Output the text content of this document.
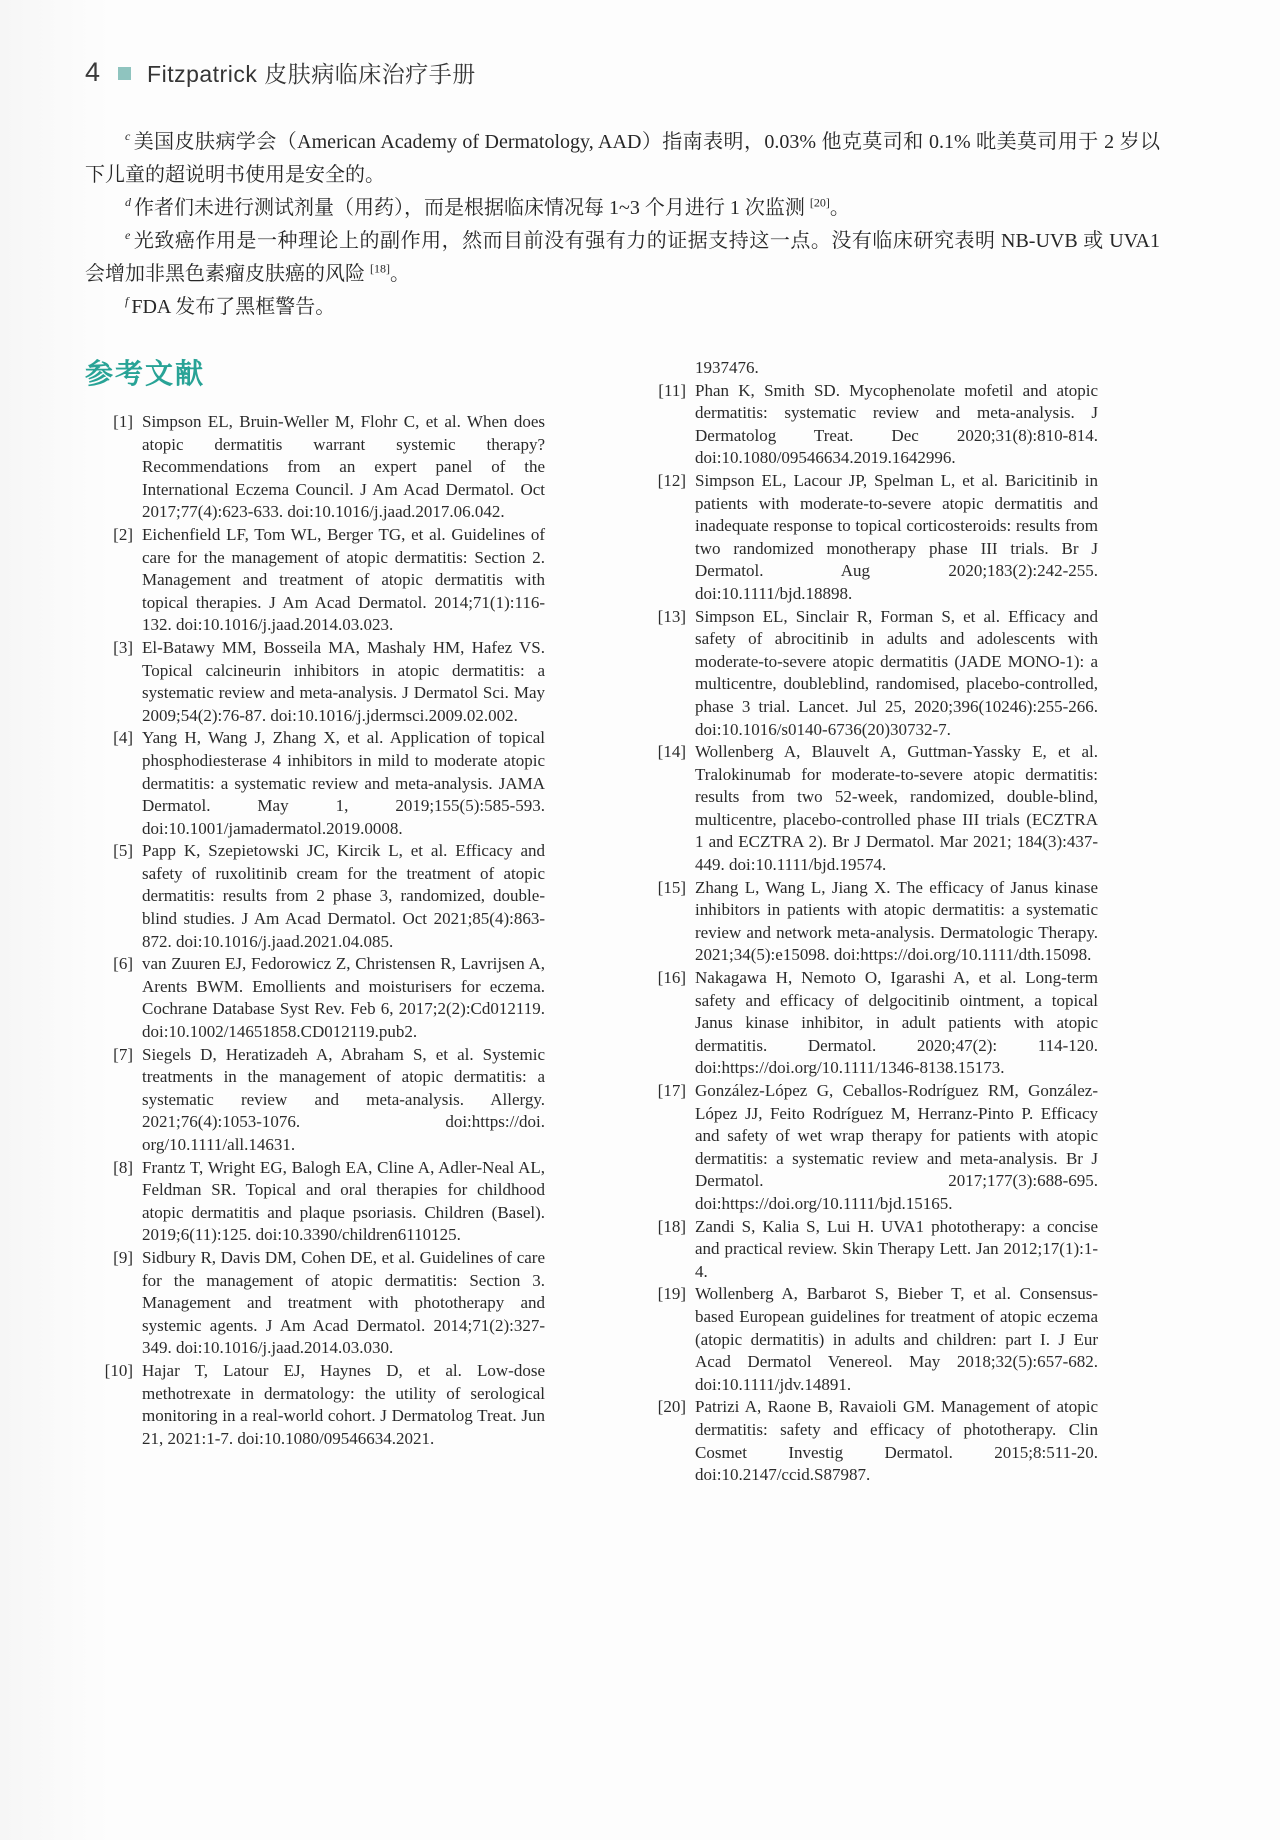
4 Fitzpatrick 皮肤病临床治疗手册

$^c$ 美国皮肤病学会（American Academy of Dermatology, AAD）指南表明，0.03% 他克莫司和 0.1% 吡美莫司用于 2 岁以下儿童的超说明书使用是安全的。

$^d$ 作者们未进行测试剂量（用药），而是根据临床情况每 1~3 个月进行 1 次监测 [20]。

$^e$ 光致癌作用是一种理论上的副作用，然而目前没有强有力的证据支持这一点。没有临床研究表明 NB-UVB 或 UVA1 会增加非黑色素瘤皮肤癌的风险 [18]。

$^f$ FDA 发布了黑框警告。

参考文献
[1] Simpson EL, Bruin-Weller M, Flohr C, et al. When does atopic dermatitis warrant systemic therapy? Recommendations from an expert panel of the International Eczema Council. J Am Acad Dermatol. Oct 2017;77(4):623-633. doi:10.1016/j.jaad.2017.06.042.
[2] Eichenfield LF, Tom WL, Berger TG, et al. Guidelines of care for the management of atopic dermatitis: Section 2. Management and treatment of atopic dermatitis with topical therapies. J Am Acad Dermatol. 2014;71(1):116-132. doi:10.1016/j.jaad.2014.03.023.
[3] El-Batawy MM, Bosseila MA, Mashaly HM, Hafez VS. Topical calcineurin inhibitors in atopic dermatitis: a systematic review and meta-analysis. J Dermatol Sci. May 2009;54(2):76-87. doi:10.1016/j.jdermsci.2009.02.002.
[4] Yang H, Wang J, Zhang X, et al. Application of topical phosphodiesterase 4 inhibitors in mild to moderate atopic dermatitis: a systematic review and meta-analysis. JAMA Dermatol. May 1, 2019;155(5):585-593. doi:10.1001/jamadermatol.2019.0008.
[5] Papp K, Szepietowski JC, Kircik L, et al. Efficacy and safety of ruxolitinib cream for the treatment of atopic dermatitis: results from 2 phase 3, randomized, double-blind studies. J Am Acad Dermatol. Oct 2021;85(4):863-872. doi:10.1016/j.jaad.2021.04.085.
[6] van Zuuren EJ, Fedorowicz Z, Christensen R, Lavrijsen A, Arents BWM. Emollients and moisturisers for eczema. Cochrane Database Syst Rev. Feb 6, 2017;2(2):Cd012119. doi:10.1002/14651858.CD012119.pub2.
[7] Siegels D, Heratizadeh A, Abraham S, et al. Systemic treatments in the management of atopic dermatitis: a systematic review and meta-analysis. Allergy. 2021;76(4):1053-1076. doi:https://doi. org/10.1111/all.14631.
[8] Frantz T, Wright EG, Balogh EA, Cline A, Adler-Neal AL, Feldman SR. Topical and oral therapies for childhood atopic dermatitis and plaque psoriasis. Children (Basel). 2019;6(11):125. doi:10.3390/children6110125.
[9] Sidbury R, Davis DM, Cohen DE, et al. Guidelines of care for the management of atopic dermatitis: Section 3. Management and treatment with phototherapy and systemic agents. J Am Acad Dermatol. 2014;71(2):327-349. doi:10.1016/j.jaad.2014.03.030.
[10] Hajar T, Latour EJ, Haynes D, et al. Low-dose methotrexate in dermatology: the utility of serological monitoring in a real-world cohort. J Dermatolog Treat. Jun 21, 2021:1-7. doi:10.1080/09546634.2021.
1937476.
[11] Phan K, Smith SD. Mycophenolate mofetil and atopic dermatitis: systematic review and meta-analysis. J Dermatolog Treat. Dec 2020;31(8):810-814. doi:10.1080/09546634.2019.1642996.
[12] Simpson EL, Lacour JP, Spelman L, et al. Baricitinib in patients with moderate-to-severe atopic dermatitis and inadequate response to topical corticosteroids: results from two randomized monotherapy phase III trials. Br J Dermatol. Aug 2020;183(2):242-255. doi:10.1111/bjd.18898.
[13] Simpson EL, Sinclair R, Forman S, et al. Efficacy and safety of abrocitinib in adults and adolescents with moderate-to-severe atopic dermatitis (JADE MONO-1): a multicentre, doubleblind, randomised, placebo-controlled, phase 3 trial. Lancet. Jul 25, 2020;396(10246):255-266. doi:10.1016/s0140-6736(20)30732-7.
[14] Wollenberg A, Blauvelt A, Guttman-Yassky E, et al. Tralokinumab for moderate-to-severe atopic dermatitis: results from two 52-week, randomized, double-blind, multicentre, placebo-controlled phase III trials (ECZTRA 1 and ECZTRA 2). Br J Dermatol. Mar 2021; 184(3):437-449. doi:10.1111/bjd.19574.
[15] Zhang L, Wang L, Jiang X. The efficacy of Janus kinase inhibitors in patients with atopic dermatitis: a systematic review and network meta-analysis. Dermatologic Therapy. 2021;34(5):e15098. doi:https://doi.org/10.1111/dth.15098.
[16] Nakagawa H, Nemoto O, Igarashi A, et al. Long-term safety and efficacy of delgocitinib ointment, a topical Janus kinase inhibitor, in adult patients with atopic dermatitis. Dermatol. 2020;47(2): 114-120. doi:https://doi.org/10.1111/1346-8138.15173.
[17] González-López G, Ceballos-Rodríguez RM, González-López JJ, Feito Rodríguez M, Herranz-Pinto P. Efficacy and safety of wet wrap therapy for patients with atopic dermatitis: a systematic review and meta-analysis. Br J Dermatol. 2017;177(3):688-695. doi:https://doi.org/10.1111/bjd.15165.
[18] Zandi S, Kalia S, Lui H. UVA1 phototherapy: a concise and practical review. Skin Therapy Lett. Jan 2012;17(1):1-4.
[19] Wollenberg A, Barbarot S, Bieber T, et al. Consensus-based European guidelines for treatment of atopic eczema (atopic dermatitis) in adults and children: part I. J Eur Acad Dermatol Venereol. May 2018;32(5):657-682. doi:10.1111/jdv.14891.
[20] Patrizi A, Raone B, Ravaioli GM. Management of atopic dermatitis: safety and efficacy of phototherapy. Clin Cosmet Investig Dermatol. 2015;8:511-20. doi:10.2147/ccid.S87987.
